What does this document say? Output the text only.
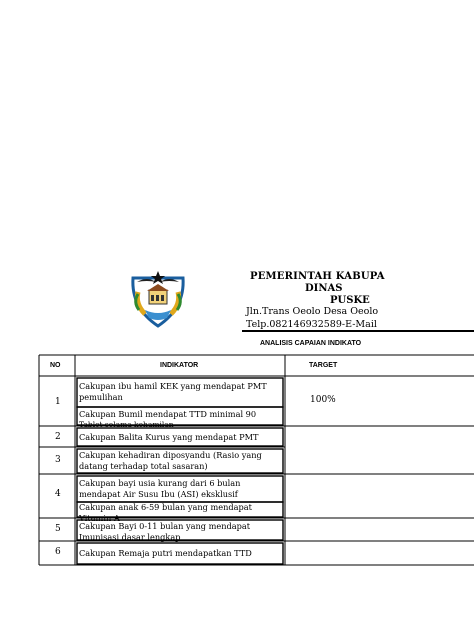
PEMERINTAH KABUPA
DINAS
PUSKE
Jln.Trans Oeolo Desa Oeolo
Telp.082146932589-E-Mail
ANALISIS CAPAIAN INDIKATO
NO	INDIKATOR	TARGET
1
2
3
4
5
6
100%
Cakupan ibu hamil KEK yang mendapat PMT
pemulihan
Cakupan Bumil mendapat TTD minimal 90
Tablet selama kehamilan
Cakupan Balita Kurus yang mendapat PMT
Cakupan kehadiran diposyandu (Rasio yang
datang terhadap total sasaran)
Cakupan bayi usia kurang dari 6 bulan
mendapat Air Susu Ibu (ASI) eksklusif
Cakupan anak 6-59 bulan yang mendapat
Vitamin A
Cakupan Bayi 0-11 bulan yang mendapat
Imunisasi dasar lengkap
Cakupan Remaja putri mendapatkan TTD
